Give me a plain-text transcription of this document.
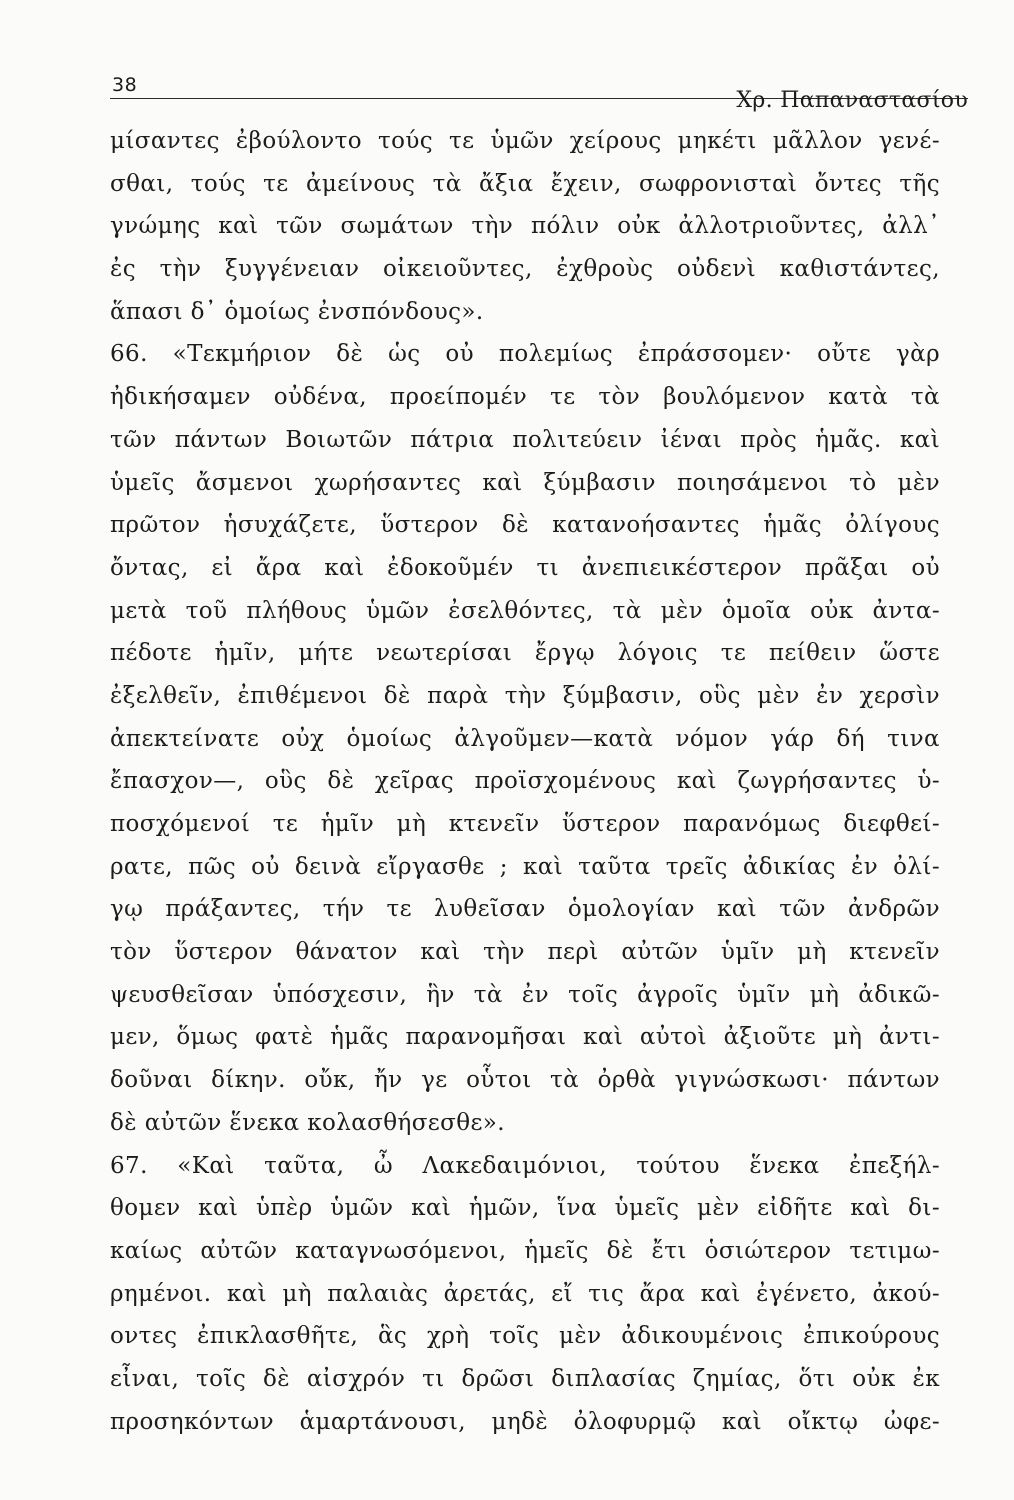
38
Χρ. Παπαναστασίου
μίσαντες ἐβούλοντο τούς τε ὑμῶν χείρους μηκέτι μᾶλλον γενέ-
σθαι, τούς τε ἀμείνους τὰ ἄξια ἔχειν, σωφρονισταὶ ὄντες τῆς
γνώμης καὶ τῶν σωμάτων τὴν πόλιν οὐκ ἀλλοτριοῦντες, ἀλλ᾽
ἐς τὴν ξυγγένειαν οἰκειοῦντες, ἐχθροὺς οὐδενὶ καθιστάντες,
ἅπασι δ᾽ ὁμοίως ἐνσπόνδους».
66. «Τεκμήριον δὲ ὡς οὐ πολεμίως ἐπράσσομεν· οὔτε γὰρ
ἠδικήσαμεν οὐδένα, προείπομέν τε τὸν βουλόμενον κατὰ τὰ
τῶν πάντων Βοιωτῶν πάτρια πολιτεύειν ἰέναι πρὸς ἡμᾶς. καὶ
ὑμεῖς ἄσμενοι χωρήσαντες καὶ ξύμβασιν ποιησάμενοι τὸ μὲν
πρῶτον ἡσυχάζετε, ὕστερον δὲ κατανοήσαντες ἡμᾶς ὀλίγους
ὄντας, εἰ ἄρα καὶ ἐδοκοῦμέν τι ἀνεπιεικέστερον πρᾶξαι οὐ
μετὰ τοῦ πλήθους ὑμῶν ἐσελθόντες, τὰ μὲν ὁμοῖα οὐκ ἀντα-
πέδοτε ἡμῖν, μήτε νεωτερίσαι ἔργῳ λόγοις τε πείθειν ὥστε
ἐξελθεῖν, ἐπιθέμενοι δὲ παρὰ τὴν ξύμβασιν, οὓς μὲν ἐν χερσὶν
ἀπεκτείνατε οὐχ ὁμοίως ἀλγοῦμεν—κατὰ νόμον γάρ δή τινα
ἔπασχον—, οὓς δὲ χεῖρας προϊσχομένους καὶ ζωγρήσαντες ὑ-
ποσχόμενοί τε ἡμῖν μὴ κτενεῖν ὕστερον παρανόμως διεφθεί-
ρατε, πῶς οὐ δεινὰ εἴργασθε ; καὶ ταῦτα τρεῖς ἀδικίας ἐν ὀλί-
γῳ πράξαντες, τήν τε λυθεῖσαν ὁμολογίαν καὶ τῶν ἀνδρῶν
τὸν ὕστερον θάνατον καὶ τὴν περὶ αὐτῶν ὑμῖν μὴ κτενεῖν
ψευσθεῖσαν ὑπόσχεσιν, ἣν τὰ ἐν τοῖς ἀγροῖς ὑμῖν μὴ ἀδικῶ-
μεν, ὅμως φατὲ ἡμᾶς παρανομῆσαι καὶ αὐτοὶ ἀξιοῦτε μὴ ἀντι-
δοῦναι δίκην. οὔκ, ἤν γε οὗτοι τὰ ὀρθὰ γιγνώσκωσι· πάντων
δὲ αὐτῶν ἕνεκα κολασθήσεσθε».
67. «Καὶ ταῦτα, ὦ Λακεδαιμόνιοι, τούτου ἕνεκα ἐπεξήλ-
θομεν καὶ ὑπὲρ ὑμῶν καὶ ἡμῶν, ἵνα ὑμεῖς μὲν εἰδῆτε καὶ δι-
καίως αὐτῶν καταγνωσόμενοι, ἡμεῖς δὲ ἔτι ὁσιώτερον τετιμω-
ρημένοι. καὶ μὴ παλαιὰς ἀρετάς, εἴ τις ἄρα καὶ ἐγένετο, ἀκού-
οντες ἐπικλασθῆτε, ἃς χρὴ τοῖς μὲν ἀδικουμένοις ἐπικούρους
εἶναι, τοῖς δὲ αἰσχρόν τι δρῶσι διπλασίας ζημίας, ὅτι οὐκ ἐκ
προσηκόντων ἁμαρτάνουσι, μηδὲ ὀλοφυρμῷ καὶ οἴκτῳ ὠφε-
